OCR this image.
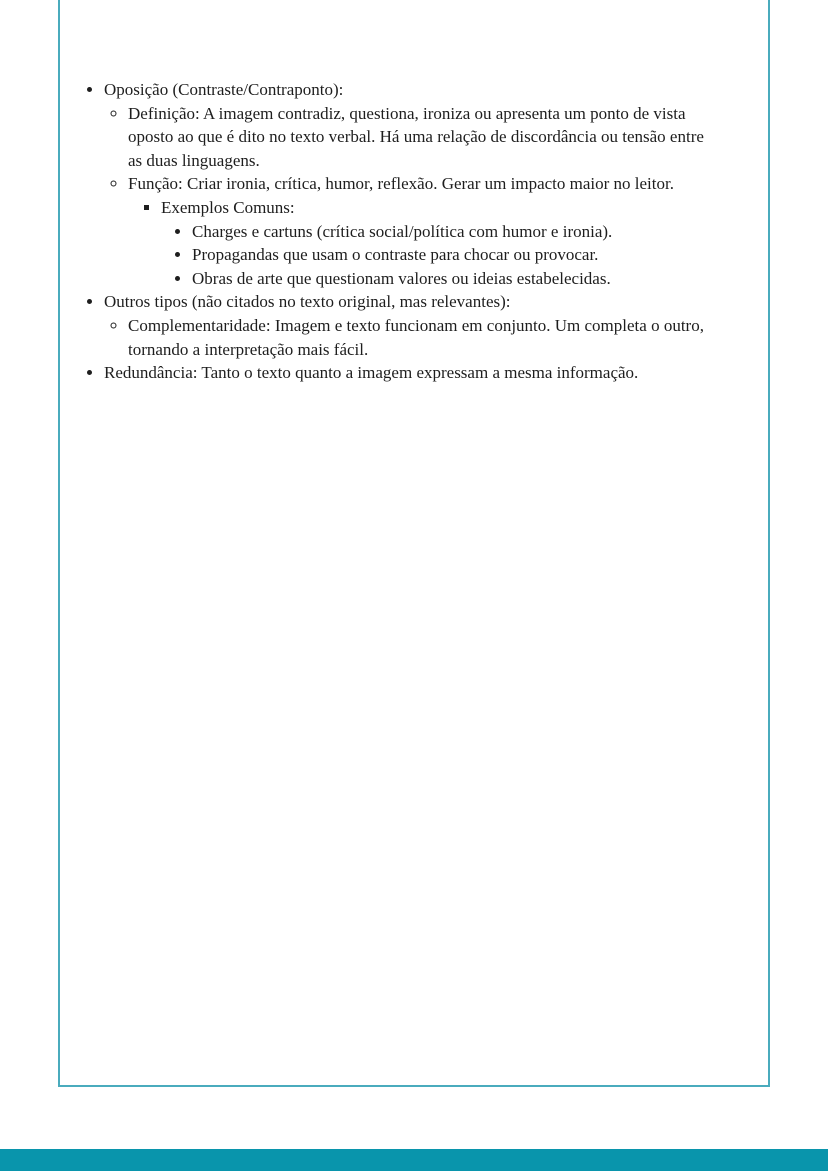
• Oposição (Contraste/Contraponto):
◦ Definição: A imagem contradiz, questiona, ironiza ou apresenta um ponto de vista oposto ao que é dito no texto verbal. Há uma relação de discordância ou tensão entre as duas linguagens.
◦ Função: Criar ironia, crítica, humor, reflexão. Gerar um impacto maior no leitor.
▪ Exemplos Comuns:
• Charges e cartuns (crítica social/política com humor e ironia).
• Propagandas que usam o contraste para chocar ou provocar.
• Obras de arte que questionam valores ou ideias estabelecidas.
• Outros tipos (não citados no texto original, mas relevantes):
◦ Complementaridade: Imagem e texto funcionam em conjunto. Um completa o outro, tornando a interpretação mais fácil.
• Redundância: Tanto o texto quanto a imagem expressam a mesma informação.
